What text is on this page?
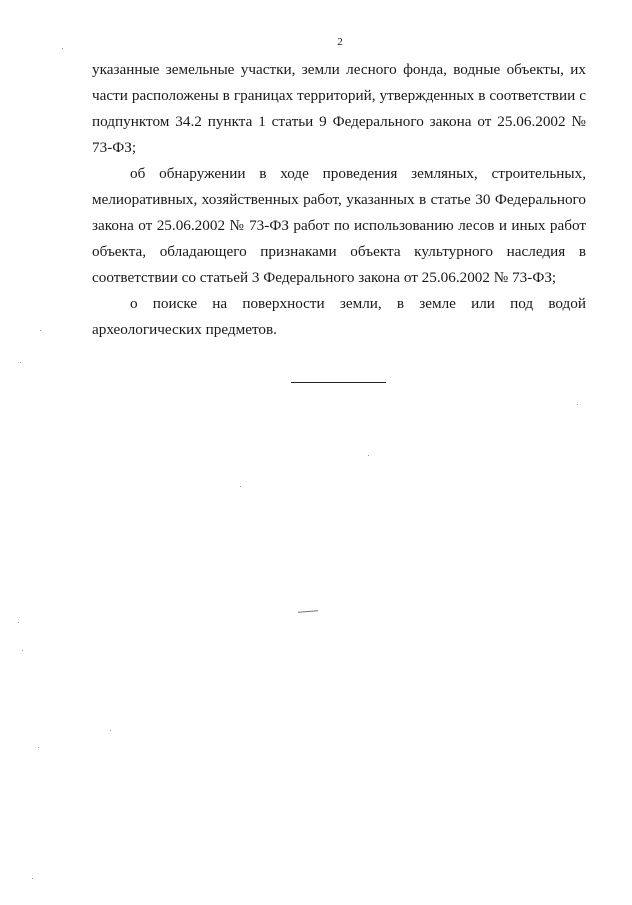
2

указанные земельные участки, земли лесного фонда, водные объекты, их части расположены в границах территорий, утвержденных в соответствии с подпунктом 34.2 пункта 1 статьи 9 Федерального закона от 25.06.2002 № 73-ФЗ;

об обнаружении в ходе проведения земляных, строительных, мелиоративных, хозяйственных работ, указанных в статье 30 Федерального закона от 25.06.2002 № 73-ФЗ работ по использованию лесов и иных работ объекта, обладающего признаками объекта культурного наследия в соответствии со статьей 3 Федерального закона от 25.06.2002 № 73-ФЗ;

о поиске на поверхности земли, в земле или под водой археологических предметов.
